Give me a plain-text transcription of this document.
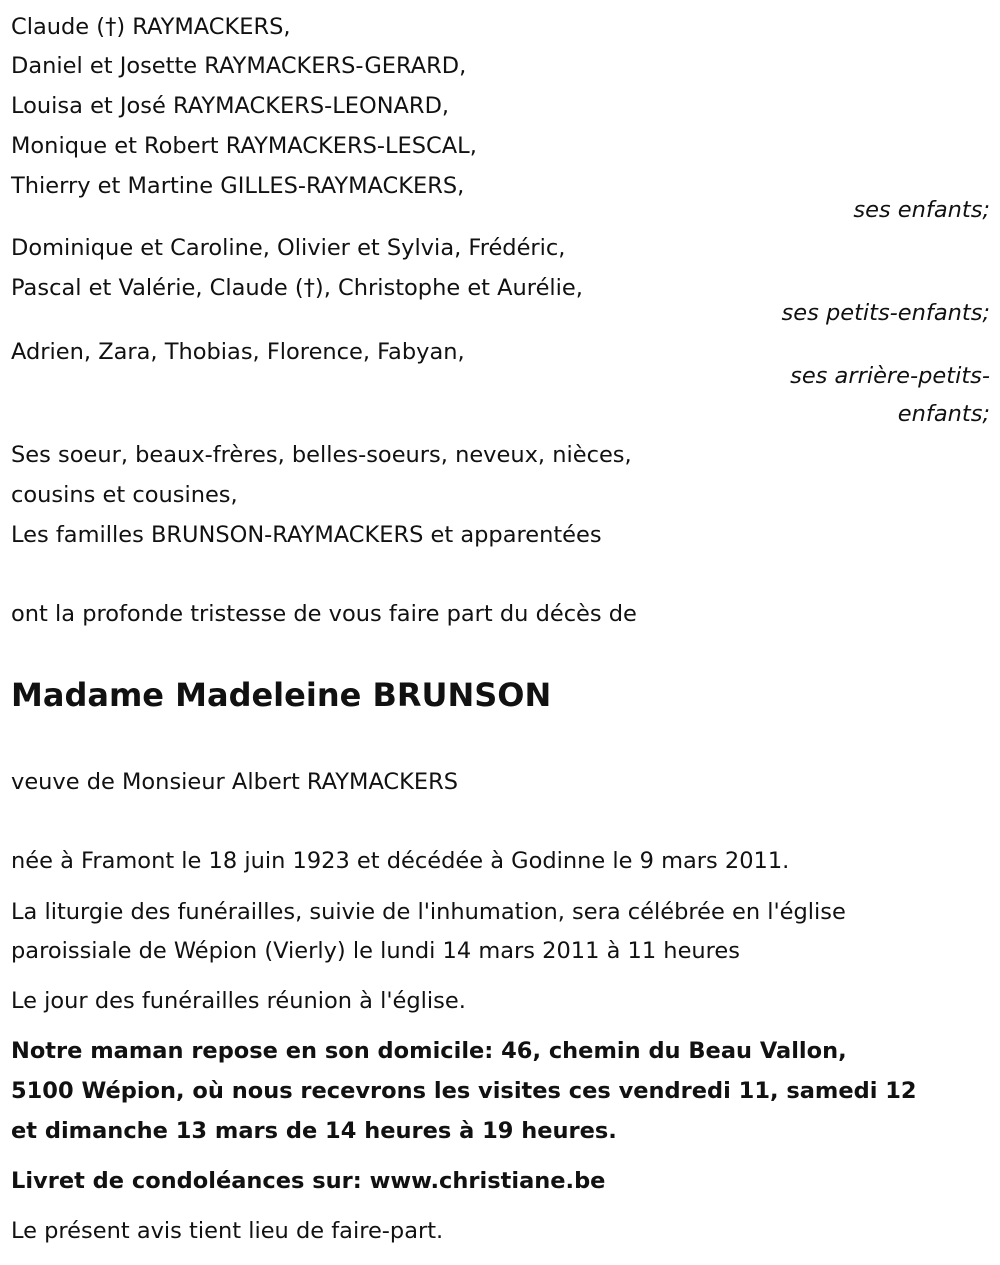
Claude (†) RAYMACKERS,
Daniel et Josette RAYMACKERS-GERARD,
Louisa et José RAYMACKERS-LEONARD,
Monique et Robert RAYMACKERS-LESCAL,
Thierry et Martine GILLES-RAYMACKERS,
ses enfants;
Dominique et Caroline, Olivier et Sylvia, Frédéric,
Pascal et Valérie, Claude (†), Christophe et Aurélie,
ses petits-enfants;
Adrien, Zara, Thobias, Florence, Fabyan,
ses arrière-petits-
enfants;
Ses soeur, beaux-frères, belles-soeurs, neveux, nièces,
cousins et cousines,
Les familles BRUNSON-RAYMACKERS et apparentées
ont la profonde tristesse de vous faire part du décès de
Madame Madeleine BRUNSON
veuve de Monsieur Albert RAYMACKERS
née à Framont le 18 juin 1923 et décédée à Godinne le 9 mars 2011.
La liturgie des funérailles, suivie de l'inhumation, sera célébrée en l'église
paroissiale de Wépion (Vierly) le lundi 14 mars 2011 à 11 heures
Le jour des funérailles réunion à l'église.
Notre maman repose en son domicile: 46, chemin du Beau Vallon,
5100 Wépion, où nous recevrons les visites ces vendredi 11, samedi 12
et dimanche 13 mars de 14 heures à 19 heures.
Livret de condoléances sur: www.christiane.be
Le présent avis tient lieu de faire-part.
